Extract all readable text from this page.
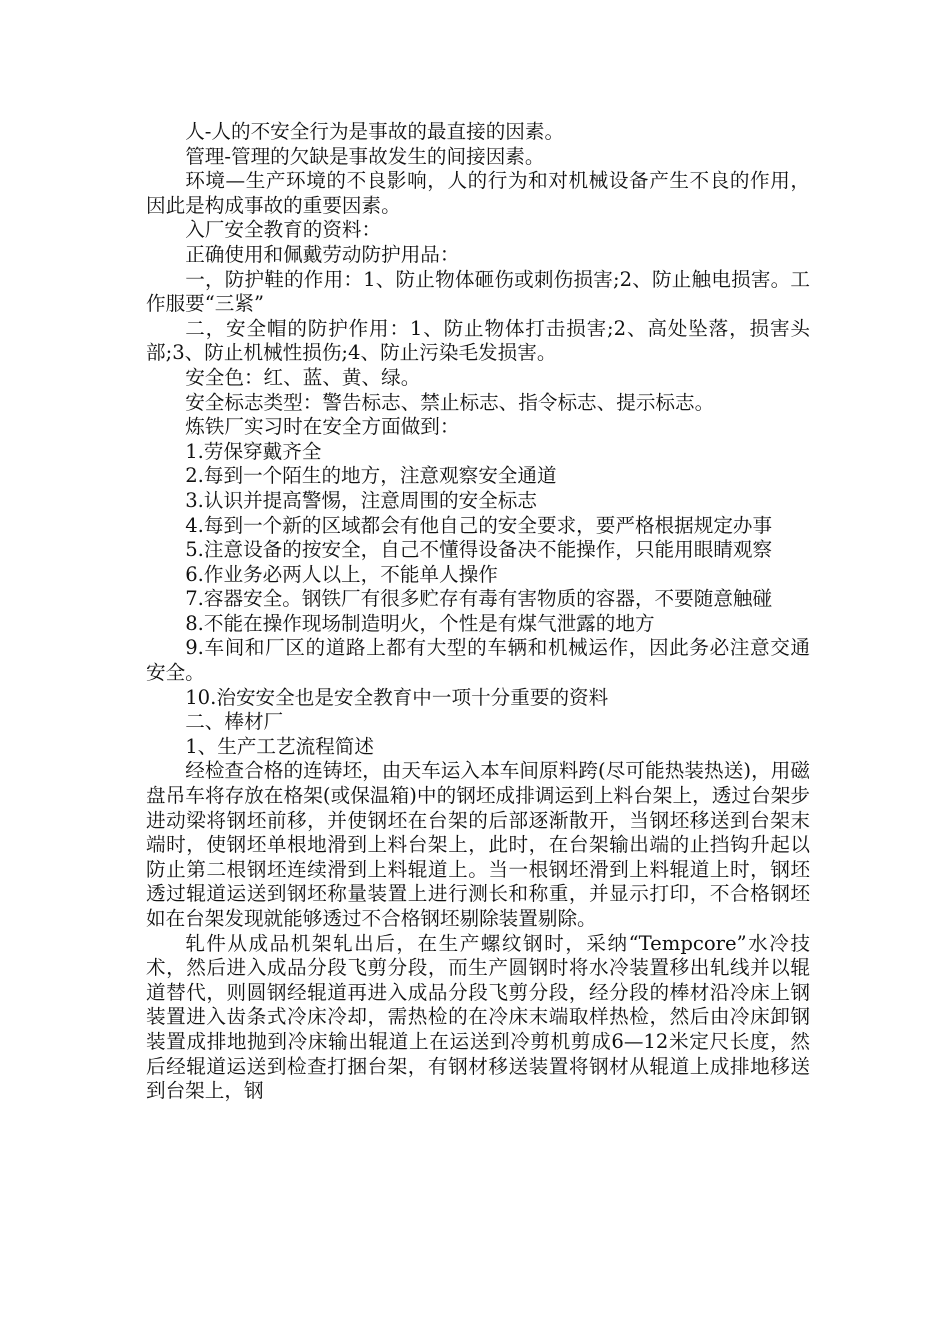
人-人的不安全行为是事故的最直接的因素。

管理-管理的欠缺是事故发生的间接因素。

环境—生产环境的不良影响，人的行为和对机械设备产生不良的作用，因此是构成事故的重要因素。

入厂安全教育的资料：

正确使用和佩戴劳动防护用品：

一，防护鞋的作用：1、防止物体砸伤或刺伤损害;2、防止触电损害。工作服要“三紧”

二，安全帽的防护作用：1、防止物体打击损害;2、高处坠落，损害头部;3、防止机械性损伤;4、防止污染毛发损害。

安全色：红、蓝、黄、绿。

安全标志类型：警告标志、禁止标志、指令标志、提示标志。

炼铁厂实习时在安全方面做到：

1.劳保穿戴齐全

2.每到一个陌生的地方，注意观察安全通道

3.认识并提高警惕，注意周围的安全标志

4.每到一个新的区域都会有他自己的安全要求，要严格根据规定办事

5.注意设备的按安全，自己不懂得设备决不能操作，只能用眼睛观察

6.作业务必两人以上，不能单人操作

7.容器安全。钢铁厂有很多贮存有毒有害物质的容器，不要随意触碰

8.不能在操作现场制造明火，个性是有煤气泄露的地方

9.车间和厂区的道路上都有大型的车辆和机械运作，因此务必注意交通安全。

10.治安安全也是安全教育中一项十分重要的资料

二、棒材厂

1、生产工艺流程简述

经检查合格的连铸坯，由天车运入本车间原料跨(尽可能热装热送)，用磁盘吊车将存放在格架(或保温箱)中的钢坯成排调运到上料台架上，透过台架步进动梁将钢坯前移，并使钢坯在台架的后部逐渐散开，当钢坯移送到台架末端时，使钢坯单根地滑到上料台架上，此时，在台架输出端的止挡钩升起以防止第二根钢坯连续滑到上料辊道上。当一根钢坯滑到上料辊道上时，钢坯透过辊道运送到钢坯称量装置上进行测长和称重，并显示打印，不合格钢坯如在台架发现就能够透过不合格钢坯剔除装置剔除。

轧件从成品机架轧出后，在生产螺纹钢时，采纳“Tempcore”水冷技术，然后进入成品分段飞剪分段，而生产圆钢时将水冷装置移出轧线并以辊道替代，则圆钢经辊道再进入成品分段飞剪分段，经分段的棒材沿冷床上钢装置进入齿条式冷床冷却，需热检的在冷床末端取样热检，然后由冷床卸钢装置成排地抛到冷床输出辊道上在运送到冷剪机剪成6—12米定尺长度，然后经辊道运送到检查打捆台架，有钢材移送装置将钢材从辊道上成排地移送到台架上，钢
